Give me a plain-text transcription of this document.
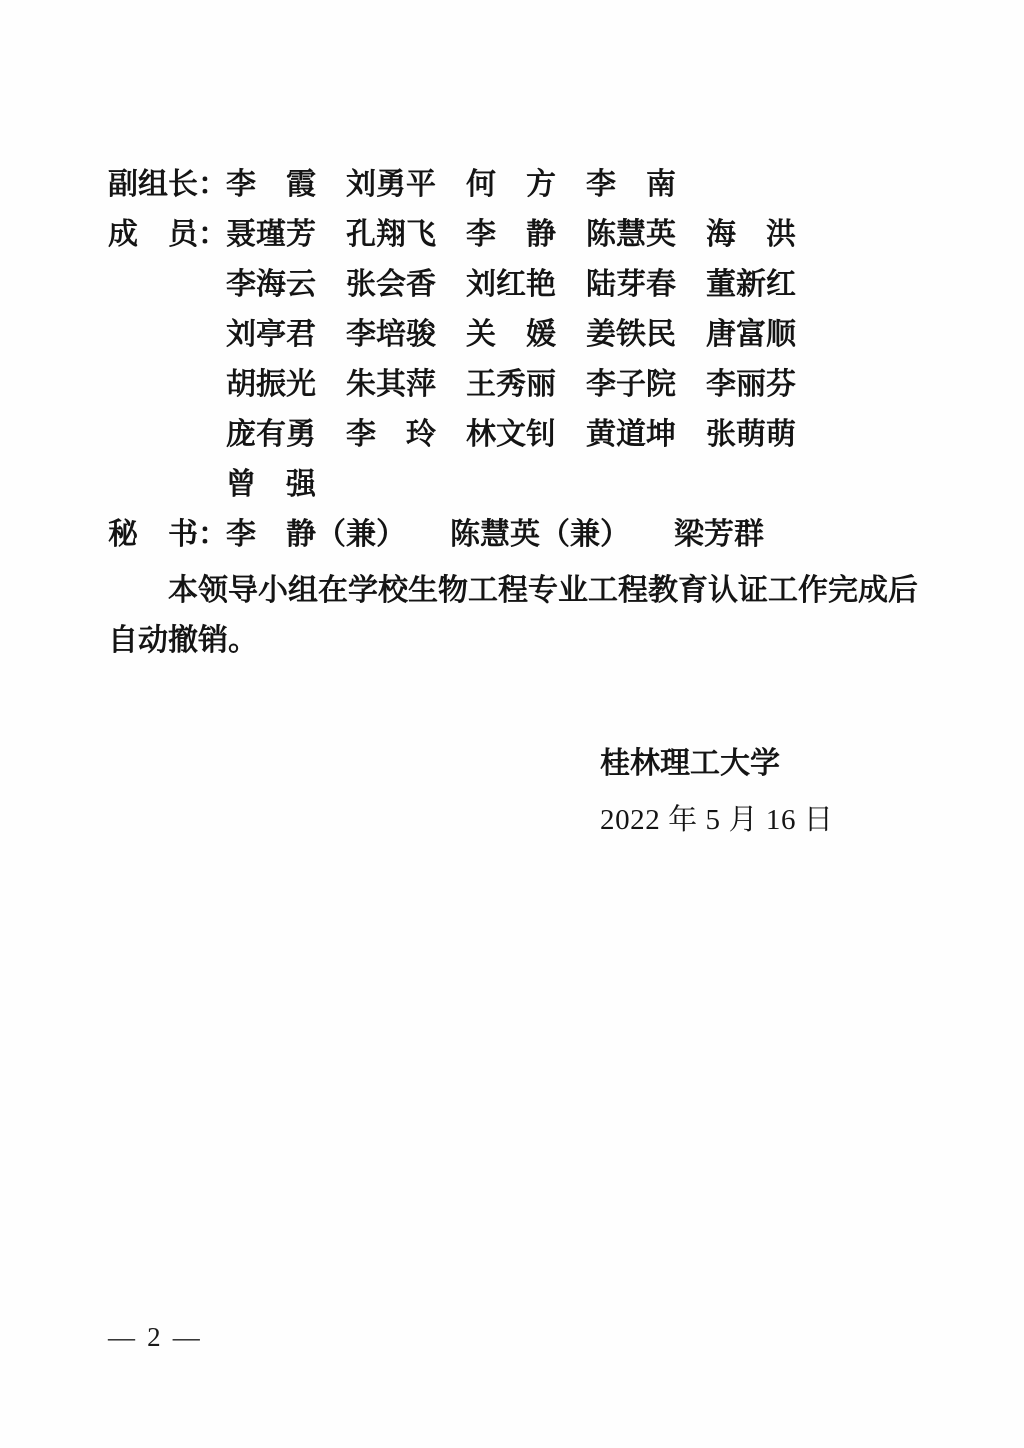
副组长：
李　霞	刘勇平	何　方	李　南
成　员：
聂瑾芳	孔翔飞	李　静	陈慧英	海　洪
李海云	张会香	刘红艳	陆芽春	董新红
刘亭君	李培骏	关　媛	姜铁民	唐富顺
胡振光	朱其萍	王秀丽	李子院	李丽芬
庞有勇	李　玲	林文钊	黄道坤	张萌萌
曾　强
秘　书：
李　静（兼） 陈慧英（兼） 梁芳群
本领导小组在学校生物工程专业工程教育认证工作完成后自动撤销。
桂林理工大学
2022 年 5 月 16 日
— 2 —
